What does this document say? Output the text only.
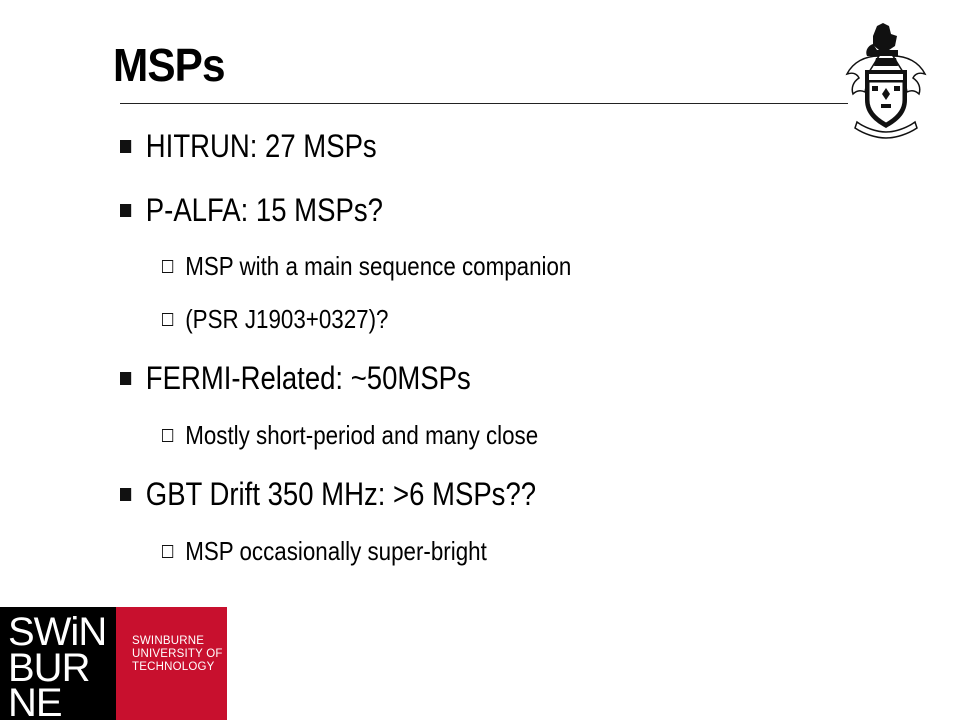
MSPs
HITRUN: 27 MSPs
P-ALFA: 15 MSPs?
MSP with a main sequence companion
(PSR J1903+0327)?
FERMI-Related: ~50MSPs
Mostly short-period and many close
GBT Drift 350 MHz: >6 MSPs??
MSP occasionally super-bright
SWiN
BUR
NE
SWINBURNE
UNIVERSITY OF
TECHNOLOGY
